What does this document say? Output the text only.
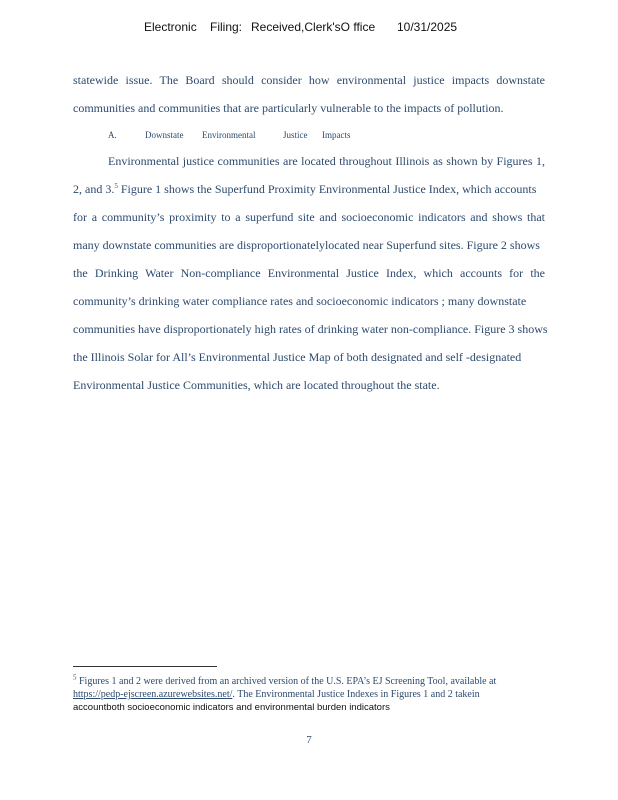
Electronic Filing: Received,Clerk'sO ffice 10/31/2025
statewide issue. The Board should consider how environmental justice impacts downstate
communities and communities that are particularly vulnerable to the impacts of pollution.
A.	Downstate Environmental	Justice Impacts
Environmental justice communities are located throughout Illinois as shown by Figures 1,
2, and 3.$^5$ Figure 1 shows the Superfund Proximity Environmental Justice Index, which accounts
for a community’s proximity to a superfund site and socioeconomic indicators and shows that
many downstate communities are disproportionatelylocated near Superfund sites. Figure 2 shows
the Drinking Water Non-compliance Environmental Justice Index, which accounts for the
community’s drinking water compliance rates and socioeconomic indicators ; many downstate
communities have disproportionately high rates of drinking water non-compliance. Figure 3 shows
the Illinois Solar for All’s Environmental Justice Map of both designated and self -designated
Environmental Justice Communities, which are located throughout the state.
$^5$ Figures 1 and 2 were derived from an archived version of the U.S. EPA’s EJ Screening Tool, available at
https://pedp-ejscreen.azurewebsites.net/. The Environmental Justice Indexes in Figures 1 and 2 takein
accountboth socioeconomic indicators and environmental burden indicators
7
